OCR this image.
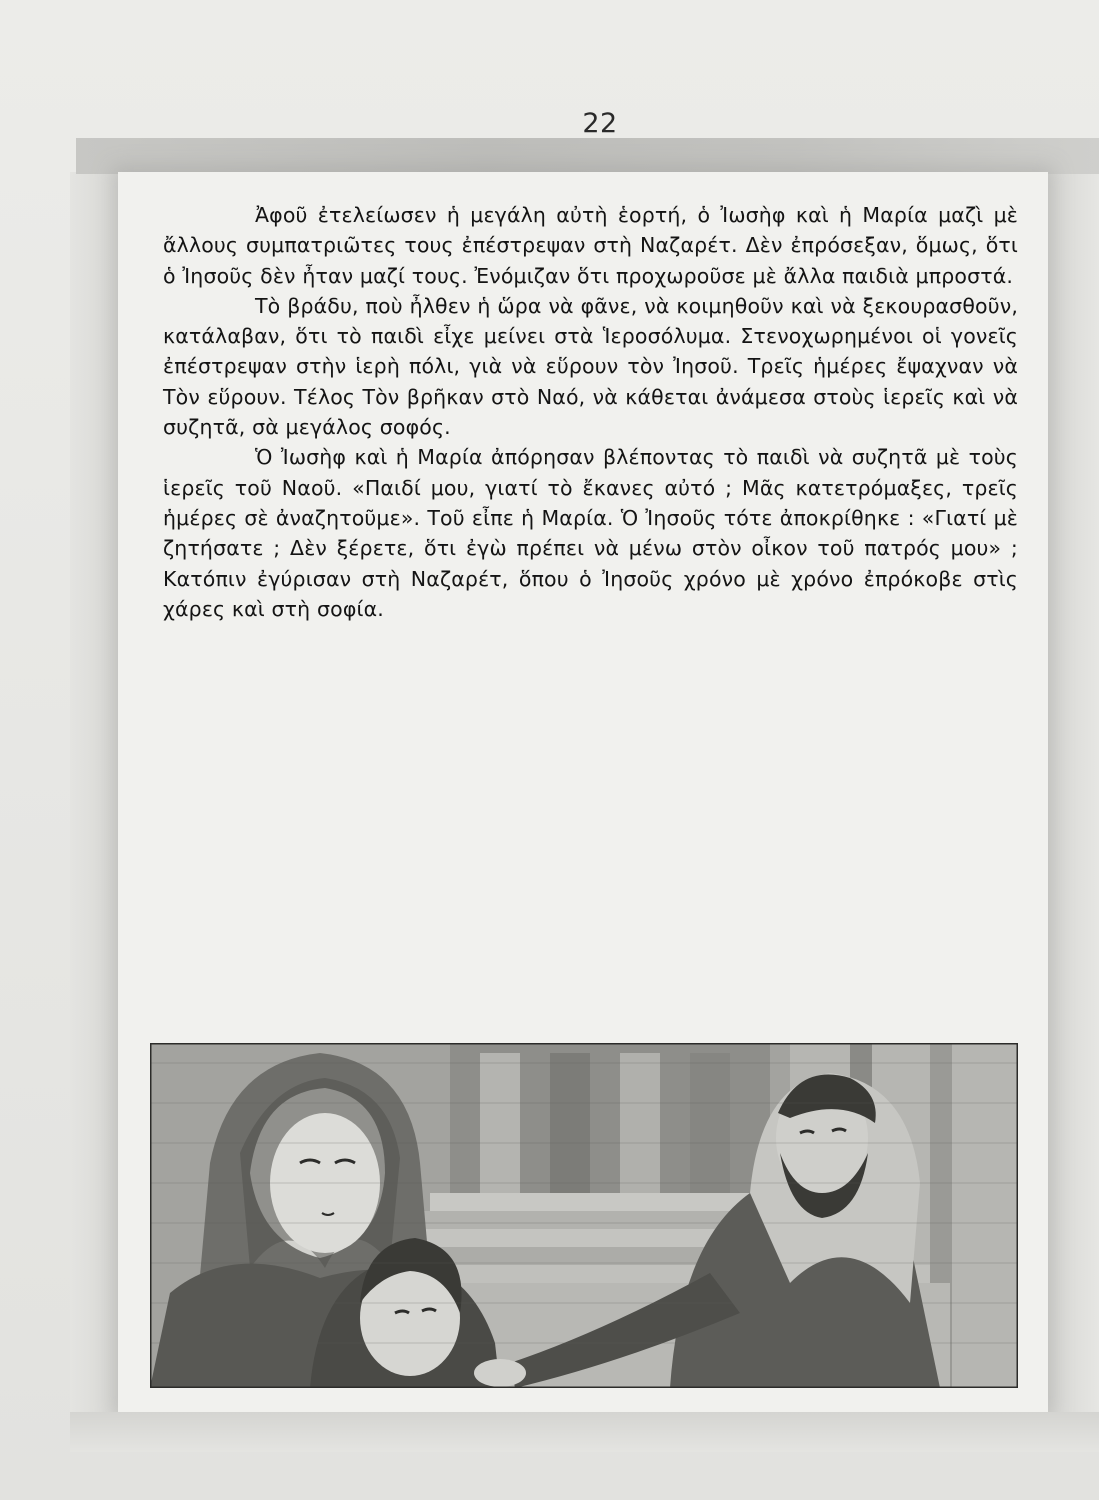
22

Ἀφοῦ ἐτελείωσεν ἡ μεγάλη αὐτὴ ἑορτή, ὁ Ἰωσὴφ καὶ ἡ Μαρία μαζὶ μὲ ἄλλους συμπατριῶτες τους ἐπέστρεψαν στὴ Ναζαρέτ. Δὲν ἐπρόσεξαν, ὅμως, ὅτι ὁ Ἰησοῦς δὲν ἦταν μαζί τους. Ἐνόμιζαν ὅτι προχωροῦσε μὲ ἄλλα παιδιὰ μπροστά.

Τὸ βράδυ, ποὺ ἦλθεν ἡ ὥρα νὰ φᾶνε, νὰ κοιμηθοῦν καὶ νὰ ξεκουρασθοῦν, κατάλαβαν, ὅτι τὸ παιδὶ εἶχε μείνει στὰ Ἱεροσόλυμα. Στενοχωρημένοι οἱ γονεῖς ἐπέστρεψαν στὴν ἱερὴ πόλι, γιὰ νὰ εὕρουν τὸν Ἰησοῦ. Τρεῖς ἡμέρες ἔψαχναν νὰ Τὸν εὕρουν. Τέλος Τὸν βρῆκαν στὸ Ναό, νὰ κάθεται ἀνάμεσα στοὺς ἱερεῖς καὶ νὰ συζητᾶ, σὰ μεγάλος σοφός.

Ὁ Ἰωσὴφ καὶ ἡ Μαρία ἀπόρησαν βλέποντας τὸ παιδὶ νὰ συζητᾶ μὲ τοὺς ἱερεῖς τοῦ Ναοῦ. «Παιδί μου, γιατί τὸ ἔκανες αὐτό ; Μᾶς κατετρόμαξες, τρεῖς ἡμέρες σὲ ἀναζητοῦμε». Τοῦ εἶπε ἡ Μαρία. Ὁ Ἰησοῦς τότε ἀποκρίθηκε : «Γιατί μὲ ζητήσατε ; Δὲν ξέρετε, ὅτι ἐγὼ πρέπει νὰ μένω στὸν οἶκον τοῦ πατρός μου» ; Κατόπιν ἐγύρισαν στὴ Ναζαρέτ, ὅπου ὁ Ἰησοῦς χρόνο μὲ χρόνο ἐπρόκοβε στὶς χάρες καὶ στὴ σοφία.
